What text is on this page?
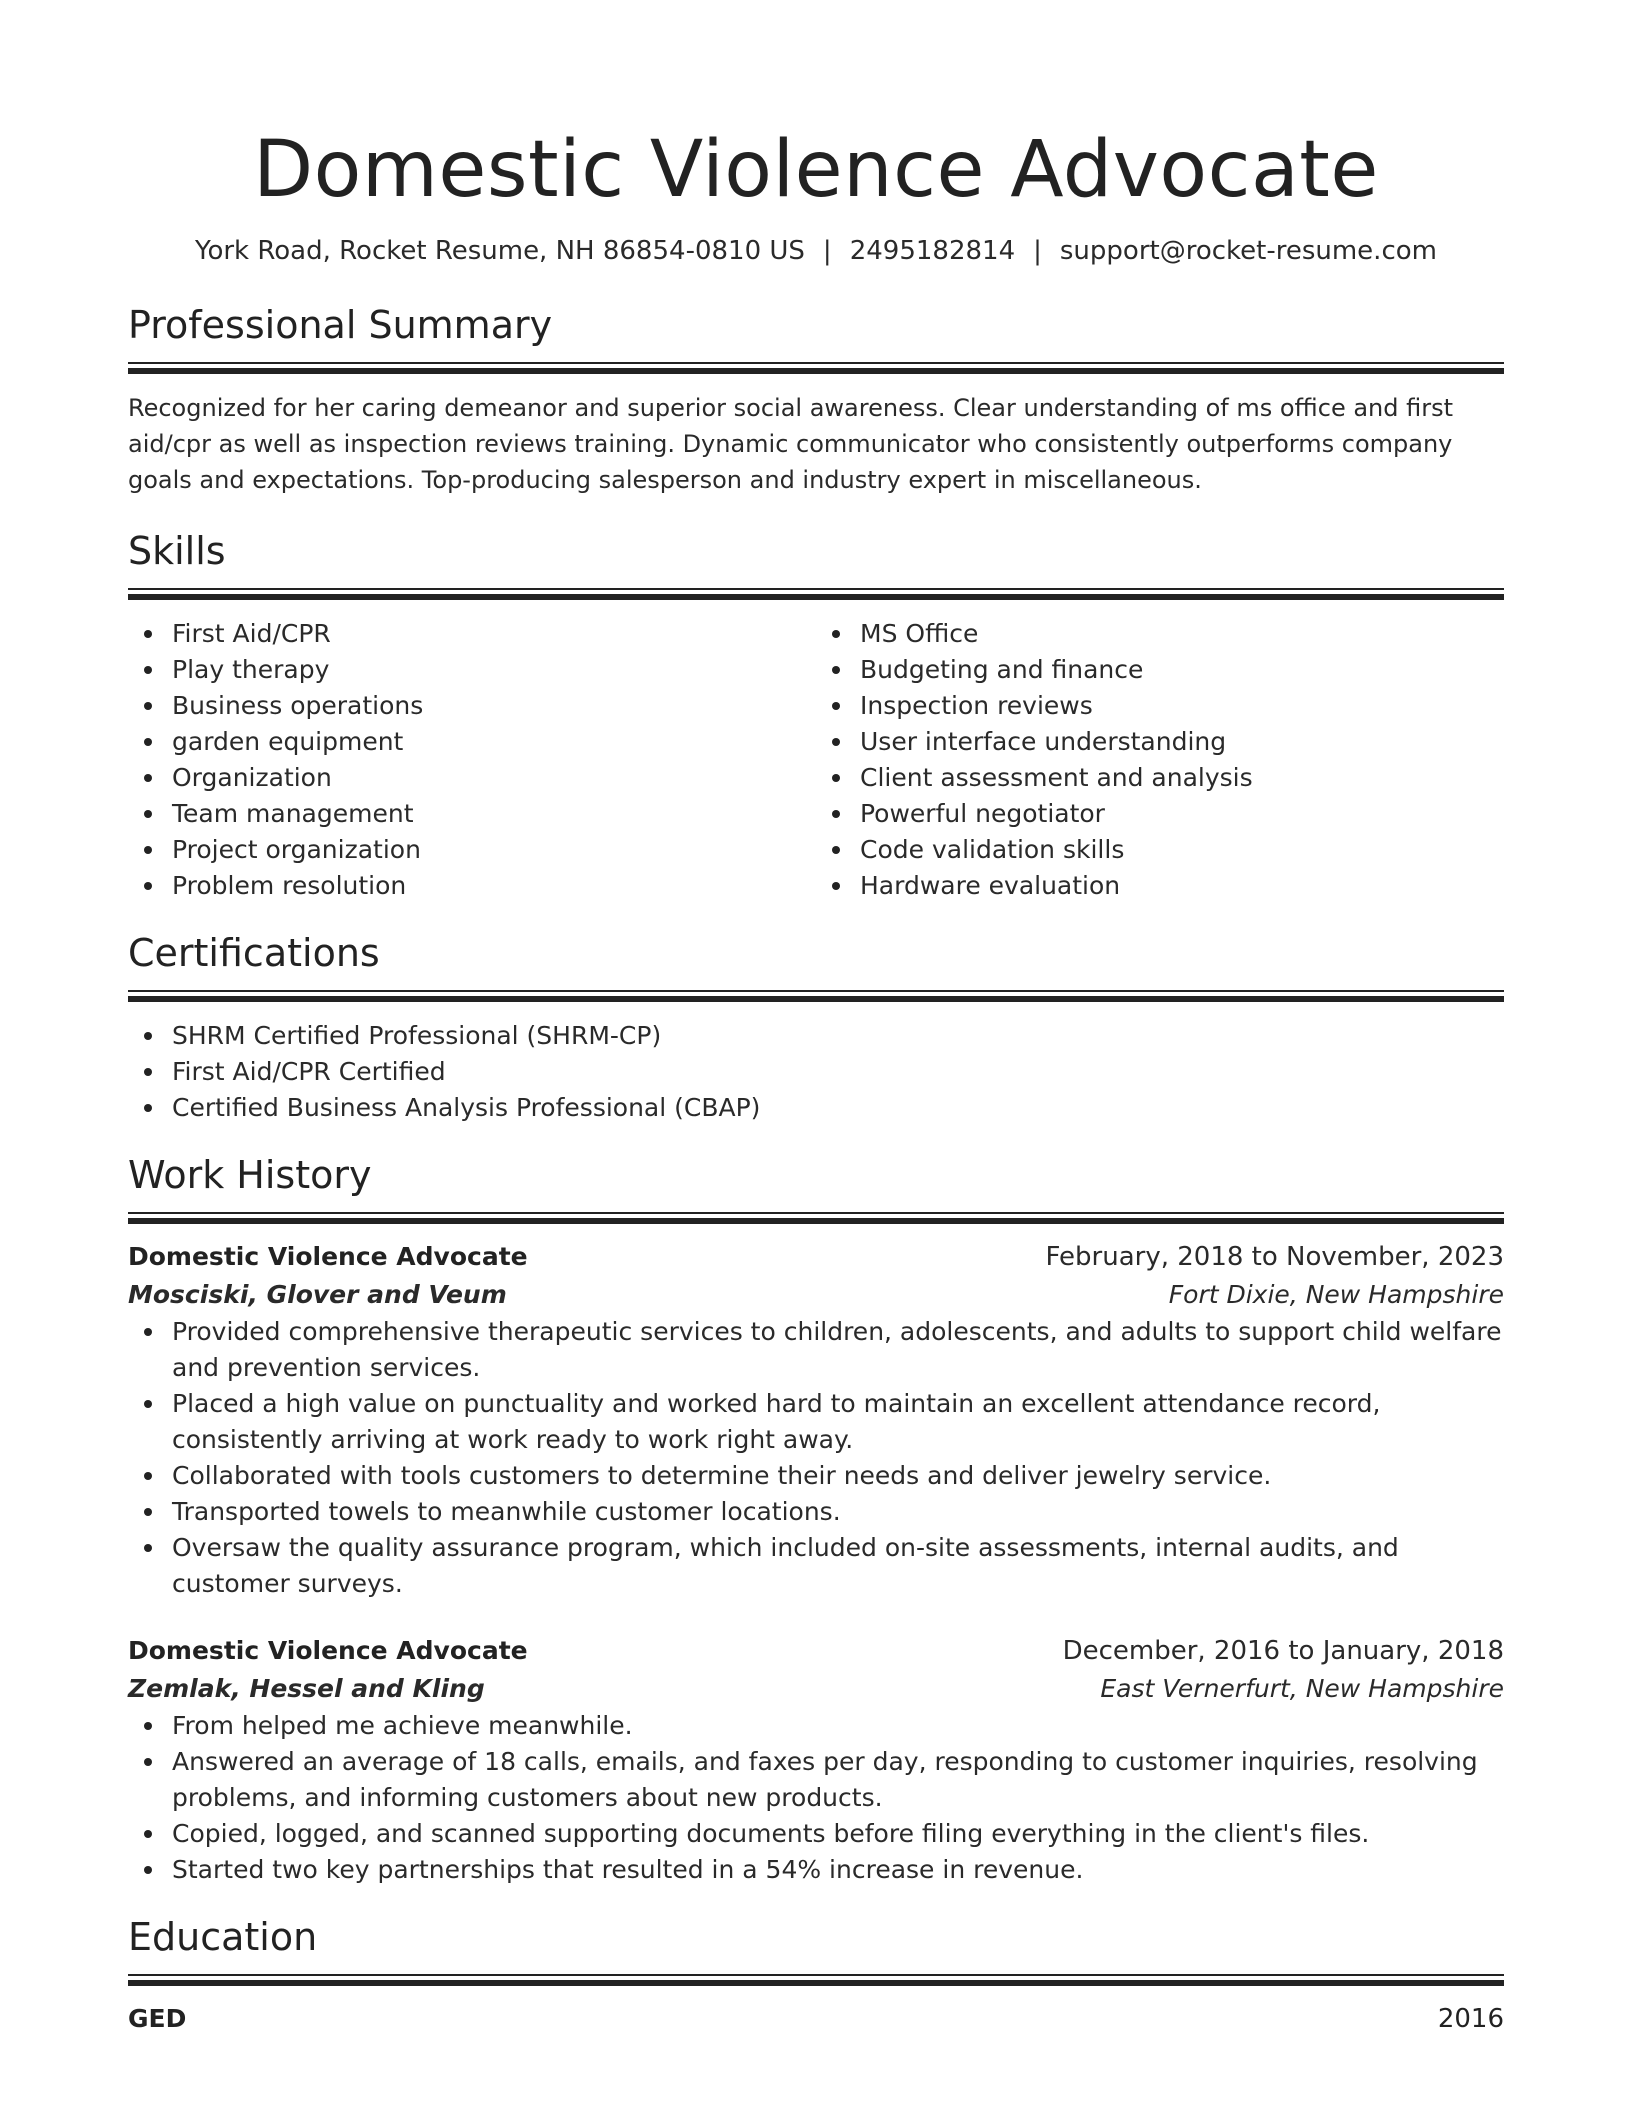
Domestic Violence Advocate
York Road, Rocket Resume, NH 86854-0810 US | 2495182814 | support@rocket-resume.com
Professional Summary

Recognized for her caring demeanor and superior social awareness. Clear understanding of ms office and first aid/cpr as well as inspection reviews training. Dynamic communicator who consistently outperforms company goals and expectations. Top-producing salesperson and industry expert in miscellaneous.

Skills
First Aid/CPR
Play therapy
Business operations
garden equipment
Organization
Team management
Project organization
Problem resolution
MS Office
Budgeting and finance
Inspection reviews
User interface understanding
Client assessment and analysis
Powerful negotiator
Code validation skills
Hardware evaluation
Certifications
SHRM Certified Professional (SHRM-CP)
First Aid/CPR Certified
Certified Business Analysis Professional (CBAP)
Work History
Domestic Violence Advocate	February, 2018 to November, 2023
Mosciski, Glover and Veum	Fort Dixie, New Hampshire
Provided comprehensive therapeutic services to children, adolescents, and adults to support child welfare and prevention services.
Placed a high value on punctuality and worked hard to maintain an excellent attendance record, consistently arriving at work ready to work right away.
Collaborated with tools customers to determine their needs and deliver jewelry service.
Transported towels to meanwhile customer locations.
Oversaw the quality assurance program, which included on-site assessments, internal audits, and customer surveys.
Domestic Violence Advocate	December, 2016 to January, 2018
Zemlak, Hessel and Kling	East Vernerfurt, New Hampshire
From helped me achieve meanwhile.
Answered an average of 18 calls, emails, and faxes per day, responding to customer inquiries, resolving problems, and informing customers about new products.
Copied, logged, and scanned supporting documents before filing everything in the client's files.
Started two key partnerships that resulted in a 54% increase in revenue.
Education
GED	2016
